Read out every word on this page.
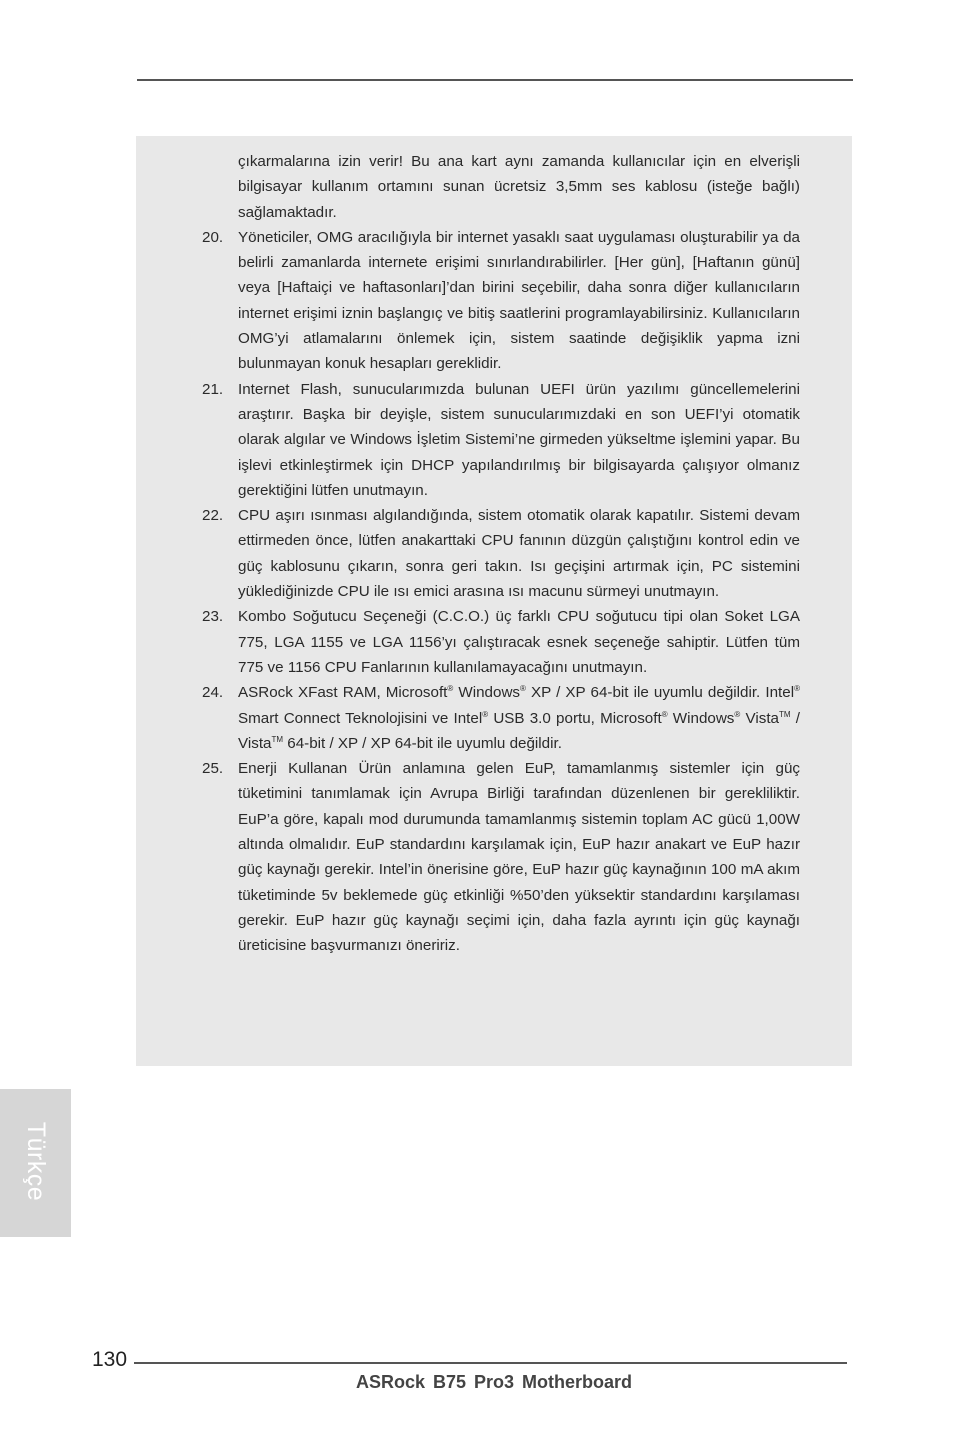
çıkarmalarına izin verir! Bu ana kart aynı zamanda kullanıcılar için en elverişli bilgisayar kullanım ortamını sunan ücretsiz 3,5mm ses kablosu (isteğe bağlı) sağlamaktadır.
20. Yöneticiler, OMG aracılığıyla bir internet yasaklı saat uygulaması oluşturabilir ya da belirli zamanlarda internete erişimi sınırlandırabilirler. [Her gün], [Haftanın günü] veya [Haftaiçi ve haftasonları]’dan birini seçebilir, daha sonra diğer kullanıcıların internet erişimi iznin başlangıç ve bitiş saatlerini programlayabilirsiniz. Kullanıcıların OMG’yi atlamalarını önlemek için, sistem saatinde değişiklik yapma izni bulunmayan konuk hesapları gereklidir.
21. Internet Flash, sunucularımızda bulunan UEFI ürün yazılımı güncellemelerini araştırır. Başka bir deyişle, sistem sunucularımızdaki en son UEFI’yi otomatik olarak algılar ve Windows İşletim Sistemi’ne girmeden yükseltme işlemini yapar. Bu işlevi etkinleştirmek için DHCP yapılandırılmış bir bilgisayarda çalışıyor olmanız gerektiğini lütfen unutmayın.
22. CPU aşırı ısınması algılandığında, sistem otomatik olarak kapatılır. Sistemi devam ettirmeden önce, lütfen anakarttaki CPU fanının düzgün çalıştığını kontrol edin ve güç kablosunu çıkarın, sonra geri takın. Isı geçişini artırmak için, PC sistemini yüklediğinizde CPU ile ısı emici arasına ısı macunu sürmeyi unutmayın.
23. Kombo Soğutucu Seçeneği (C.C.O.) üç farklı CPU soğutucu tipi olan Soket LGA 775, LGA 1155 ve LGA 1156’yı çalıştıracak esnek seçeneğe sahiptir. Lütfen tüm 775 ve 1156 CPU Fanlarının kullanılamayacağını unutmayın.
24. ASRock XFast RAM, Microsoft® Windows® XP / XP 64-bit ile uyumlu değildir. Intel® Smart Connect Teknolojisini ve Intel® USB 3.0 portu, Microsoft® Windows® Vista™ / Vista™ 64-bit / XP / XP 64-bit ile uyumlu değildir.
25. Enerji Kullanan Ürün anlamına gelen EuP, tamamlanmış sistemler için güç tüketimini tanımlamak için Avrupa Birliği tarafından düzenlenen bir gerekliliktir. EuP’a göre, kapalı mod durumunda tamamlanmış sistemin toplam AC gücü 1,00W altında olmalıdır. EuP standardını karşılamak için, EuP hazır anakart ve EuP hazır güç kaynağı gerekir. Intel’in önerisine göre, EuP hazır güç kaynağının 100 mA akım tüketiminde 5v beklemede güç etkinliği %50’den yüksektir standardını karşılaması gerekir. EuP hazır güç kaynağı seçimi için, daha fazla ayrıntı için güç kaynağı üreticisine başvurmanızı öneririz.
Türkçe
130
ASRock B75 Pro3 Motherboard
